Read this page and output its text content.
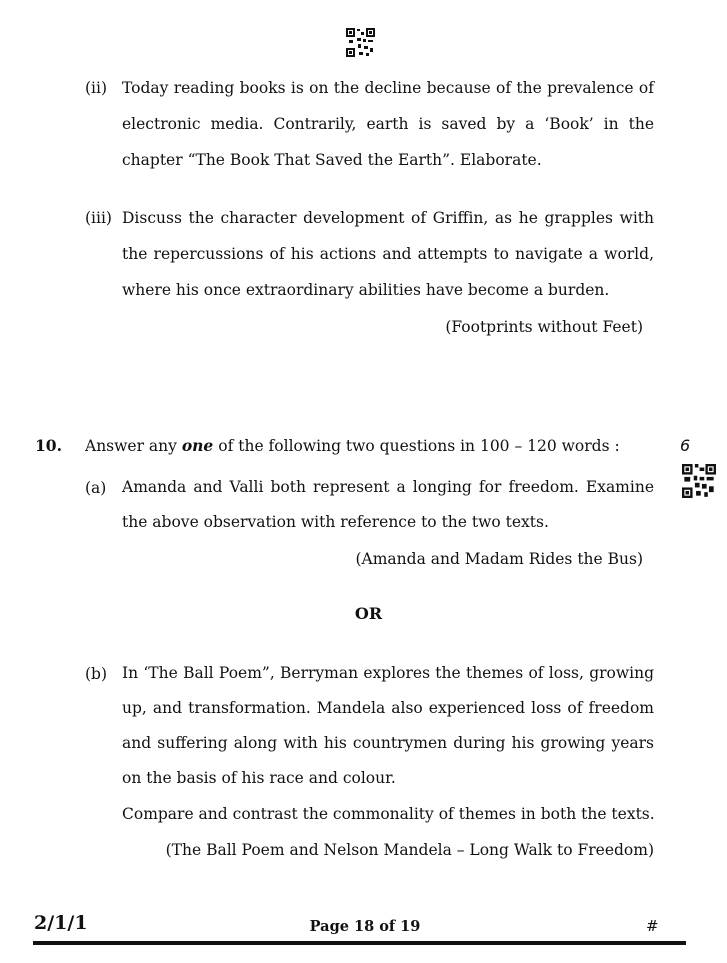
(ii) Today reading books is on the decline because of the prevalence of
electronic media. Contrarily, earth is saved by a ‘Book’ in the
chapter “The Book That Saved the Earth”. Elaborate.
(iii) Discuss the character development of Griffin, as he grapples with
the repercussions of his actions and attempts to navigate a world,
where his once extraordinary abilities have become a burden.
(Footprints without Feet)
10. Answer any one of the following two questions in 100 – 120 words :	6
(a) Amanda and Valli both represent a longing for freedom. Examine
the above observation with reference to the two texts.
(Amanda and Madam Rides the Bus)
OR
(b) In ‘The Ball Poem”, Berryman explores the themes of loss, growing
up, and transformation. Mandela also experienced loss of freedom
and suffering along with his countrymen during his growing years
on the basis of his race and colour.
Compare and contrast the commonality of themes in both the texts.
(The Ball Poem and Nelson Mandela – Long Walk to Freedom)
2/1/1	Page 18 of 19	#
